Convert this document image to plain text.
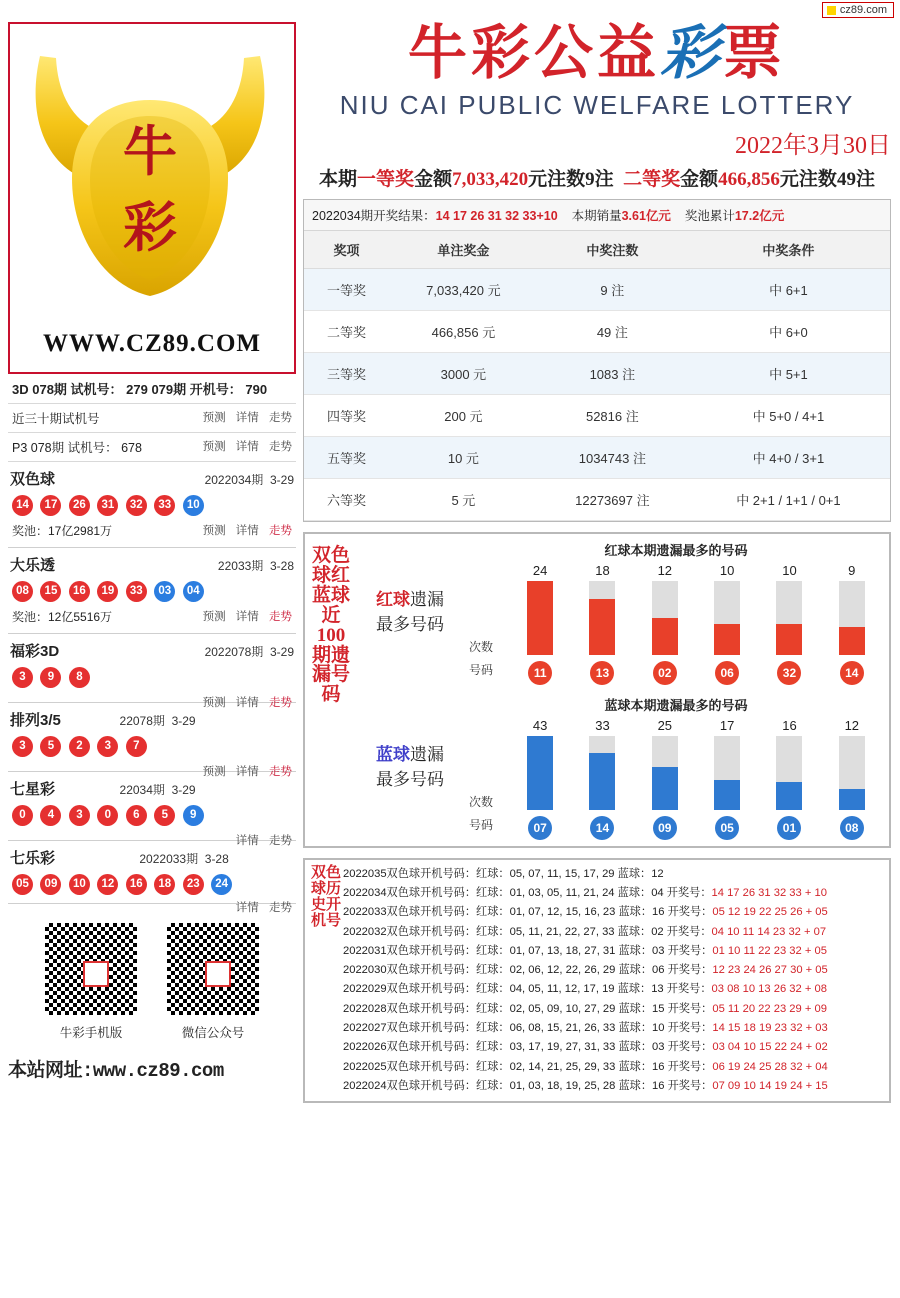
cz89.com
牛
彩
WWW.CZ89.COM
3D 078期 试机号： 279 079期 开机号： 790
近三十期试机号	预测 详情 走势
P3 078期 试机号： 678	预测 详情 走势
双色球	2022034期 3-29
14 17 26 31 32 33 10
奖池：17亿2981万	预测 详情 走势
大乐透	22033期 3-28
08 15 16 19 33 03 04
奖池：12亿5516万	预测 详情 走势
福彩3D	2022078期 3-29
3 9 8
预测 详情 走势
排列3/5	22078期 3-29
3 5 2 3 7
预测 详情 走势
七星彩	22034期 3-29
0 4 3 0 6 5 9
详情 走势
七乐彩	2022033期 3-28
05 09 10 12 16 18 23 24
详情 走势
牛彩手机版	微信公众号
本站网址:www.cz89.com
牛彩公益彩票
NIU CAI PUBLIC WELFARE LOTTERY
2022年3月30日
本期一等奖金额7,033,420元注数9注 二等奖金额466,856元注数49注
2022034期开奖结果：14 17 26 31 32 33+10 本期销量3.61亿元 奖池累计17.2亿元
奖项	单注奖金	中奖注数	中奖条件
一等奖	7,033,420 元	9 注	中 6+1
二等奖	466,856 元	49 注	中 6+0
三等奖	3000 元	1083 注	中 5+1
四等奖	200 元	52816 注	中 5+0 / 4+1
五等奖	10 元	1034743 注	中 4+0 / 3+1
六等奖	5 元	12273697 注	中 2+1 / 1+1 / 0+1
双色球红蓝球近100期遗漏号码
红球遗漏
最多号码
红球本期遗漏最多的号码
次数
24	18	12	10	10	9
号码	11	13	02	06	32	14
蓝球遗漏
最多号码
蓝球本期遗漏最多的号码
次数
43	33	25	17	16	12
号码	07	14	09	05	01	08
双色球历史开机号
2022035双色球开机号码：红球：05, 07, 11, 15, 17, 29 蓝球：12
2022034双色球开机号码：红球：01, 03, 05, 11, 21, 24 蓝球：04 开奖号：14 17 26 31 32 33 + 10
2022033双色球开机号码：红球：01, 07, 12, 15, 16, 23 蓝球：16 开奖号：05 12 19 22 25 26 + 05
2022032双色球开机号码：红球：05, 11, 21, 22, 27, 33 蓝球：02 开奖号：04 10 11 14 23 32 + 07
2022031双色球开机号码：红球：01, 07, 13, 18, 27, 31 蓝球：03 开奖号：01 10 11 22 23 32 + 05
2022030双色球开机号码：红球：02, 06, 12, 22, 26, 29 蓝球：06 开奖号：12 23 24 26 27 30 + 05
2022029双色球开机号码：红球：04, 05, 11, 12, 17, 19 蓝球：13 开奖号：03 08 10 13 26 32 + 08
2022028双色球开机号码：红球：02, 05, 09, 10, 27, 29 蓝球：15 开奖号：05 11 20 22 23 29 + 09
2022027双色球开机号码：红球：06, 08, 15, 21, 26, 33 蓝球：10 开奖号：14 15 18 19 23 32 + 03
2022026双色球开机号码：红球：03, 17, 19, 27, 31, 33 蓝球：03 开奖号：03 04 10 15 22 24 + 02
2022025双色球开机号码：红球：02, 14, 21, 25, 29, 33 蓝球：16 开奖号：06 19 24 25 28 32 + 04
2022024双色球开机号码：红球：01, 03, 18, 19, 25, 28 蓝球：16 开奖号：07 09 10 14 19 24 + 15
